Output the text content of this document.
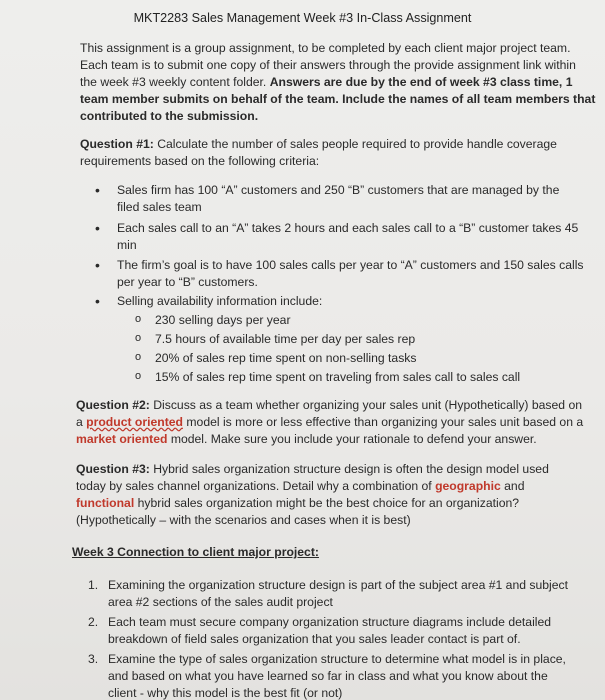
MKT2283 Sales Management Week #3 In-Class Assignment
This assignment is a group assignment, to be completed by each client major project team.
Each team is to submit one copy of their answers through the provide assignment link within
the week #3 weekly content folder. Answers are due by the end of week #3 class time, 1
team member submits on behalf of the team. Include the names of all team members that
contributed to the submission.
Question #1: Calculate the number of sales people required to provide handle coverage
requirements based on the following criteria:
• Sales firm has 100 “A” customers and 250 “B” customers that are managed by the
filed sales team
• Each sales call to an “A” takes 2 hours and each sales call to a “B” customer takes 45
min
• The firm’s goal is to have 100 sales calls per year to “A” customers and 150 sales calls
per year to “B” customers.
• Selling availability information include:
o 230 selling days per year
o 7.5 hours of available time per day per sales rep
o 20% of sales rep time spent on non-selling tasks
o 15% of sales rep time spent on traveling from sales call to sales call
Question #2: Discuss as a team whether organizing your sales unit (Hypothetically) based on
a product oriented model is more or less effective than organizing your sales unit based on a
market oriented model. Make sure you include your rationale to defend your answer.
Question #3: Hybrid sales organization structure design is often the design model used
today by sales channel organizations. Detail why a combination of geographic and
functional hybrid sales organization might be the best choice for an organization?
(Hypothetically – with the scenarios and cases when it is best)
Week 3 Connection to client major project:
1. Examining the organization structure design is part of the subject area #1 and subject
area #2 sections of the sales audit project
2. Each team must secure company organization structure diagrams include detailed
breakdown of field sales organization that you sales leader contact is part of.
3. Examine the type of sales organization structure to determine what model is in place,
and based on what you have learned so far in class and what you know about the
client - why this model is the best fit (or not)
